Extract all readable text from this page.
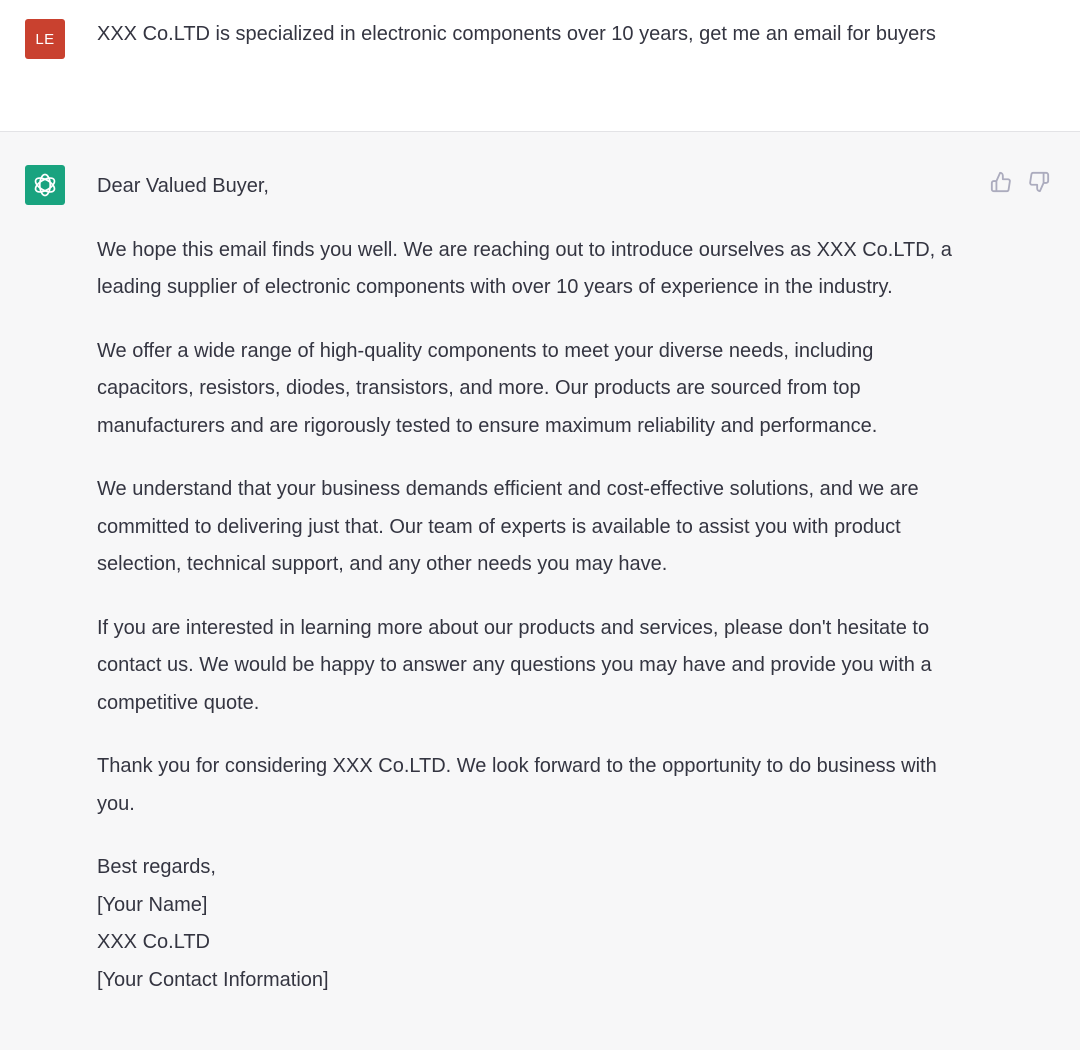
LE XXX Co.LTD is specialized in electronic components over 10 years, get me an email for buyers

Dear Valued Buyer,

We hope this email finds you well. We are reaching out to introduce ourselves as XXX Co.LTD, a leading supplier of electronic components with over 10 years of experience in the industry.

We offer a wide range of high-quality components to meet your diverse needs, including capacitors, resistors, diodes, transistors, and more. Our products are sourced from top manufacturers and are rigorously tested to ensure maximum reliability and performance.

We understand that your business demands efficient and cost-effective solutions, and we are committed to delivering just that. Our team of experts is available to assist you with product selection, technical support, and any other needs you may have.

If you are interested in learning more about our products and services, please don't hesitate to contact us. We would be happy to answer any questions you may have and provide you with a competitive quote.

Thank you for considering XXX Co.LTD. We look forward to the opportunity to do business with you.

Best regards,
[Your Name]
XXX Co.LTD
[Your Contact Information]
